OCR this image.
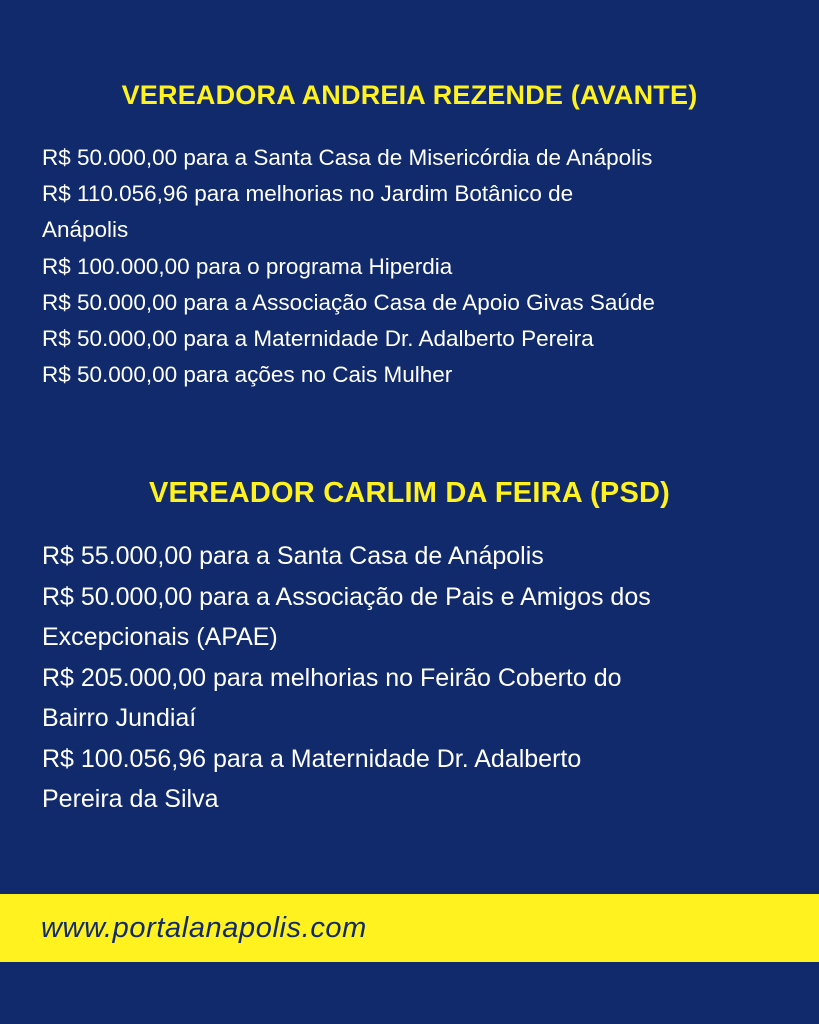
VEREADORA ANDREIA REZENDE (AVANTE)
R$ 50.000,00 para a Santa Casa de Misericórdia de Anápolis
R$ 110.056,96 para melhorias no Jardim Botânico de
Anápolis
R$ 100.000,00 para o programa Hiperdia
R$ 50.000,00 para a Associação Casa de Apoio Givas Saúde
R$ 50.000,00 para a Maternidade Dr. Adalberto Pereira
R$ 50.000,00 para ações no Cais Mulher
VEREADOR CARLIM DA FEIRA (PSD)
R$ 55.000,00 para a Santa Casa de Anápolis
R$ 50.000,00 para a Associação de Pais e Amigos dos
Excepcionais (APAE)
R$ 205.000,00 para melhorias no Feirão Coberto do
Bairro Jundiaí
R$ 100.056,96 para a Maternidade Dr. Adalberto
Pereira da Silva
www.portalanapolis.com
